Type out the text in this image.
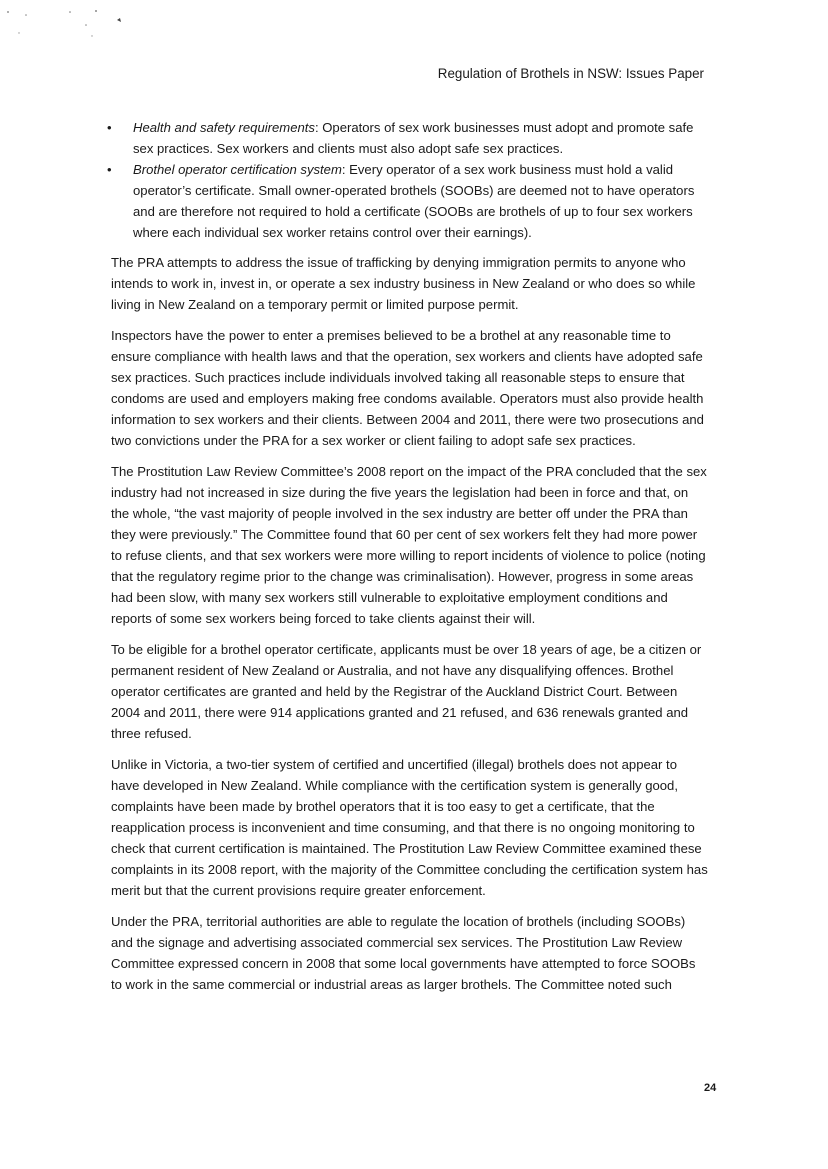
Regulation of Brothels in NSW: Issues Paper
• Health and safety requirements: Operators of sex work businesses must adopt and promote safe sex practices. Sex workers and clients must also adopt safe sex practices.
• Brothel operator certification system: Every operator of a sex work business must hold a valid operator’s certificate. Small owner-operated brothels (SOOBs) are deemed not to have operators and are therefore not required to hold a certificate (SOOBs are brothels of up to four sex workers where each individual sex worker retains control over their earnings).

The PRA attempts to address the issue of trafficking by denying immigration permits to anyone who intends to work in, invest in, or operate a sex industry business in New Zealand or who does so while living in New Zealand on a temporary permit or limited purpose permit.

Inspectors have the power to enter a premises believed to be a brothel at any reasonable time to ensure compliance with health laws and that the operation, sex workers and clients have adopted safe sex practices. Such practices include individuals involved taking all reasonable steps to ensure that condoms are used and employers making free condoms available. Operators must also provide health information to sex workers and their clients. Between 2004 and 2011, there were two prosecutions and two convictions under the PRA for a sex worker or client failing to adopt safe sex practices.

The Prostitution Law Review Committee’s 2008 report on the impact of the PRA concluded that the sex industry had not increased in size during the five years the legislation had been in force and that, on the whole, “the vast majority of people involved in the sex industry are better off under the PRA than they were previously.” The Committee found that 60 per cent of sex workers felt they had more power to refuse clients, and that sex workers were more willing to report incidents of violence to police (noting that the regulatory regime prior to the change was criminalisation). However, progress in some areas had been slow, with many sex workers still vulnerable to exploitative employment conditions and reports of some sex workers being forced to take clients against their will.

To be eligible for a brothel operator certificate, applicants must be over 18 years of age, be a citizen or permanent resident of New Zealand or Australia, and not have any disqualifying offences. Brothel operator certificates are granted and held by the Registrar of the Auckland District Court. Between 2004 and 2011, there were 914 applications granted and 21 refused, and 636 renewals granted and three refused.

Unlike in Victoria, a two-tier system of certified and uncertified (illegal) brothels does not appear to have developed in New Zealand. While compliance with the certification system is generally good, complaints have been made by brothel operators that it is too easy to get a certificate, that the reapplication process is inconvenient and time consuming, and that there is no ongoing monitoring to check that current certification is maintained. The Prostitution Law Review Committee examined these complaints in its 2008 report, with the majority of the Committee concluding the certification system has merit but that the current provisions require greater enforcement.

Under the PRA, territorial authorities are able to regulate the location of brothels (including SOOBs) and the signage and advertising associated commercial sex services. The Prostitution Law Review Committee expressed concern in 2008 that some local governments have attempted to force SOOBs to work in the same commercial or industrial areas as larger brothels. The Committee noted such

24
